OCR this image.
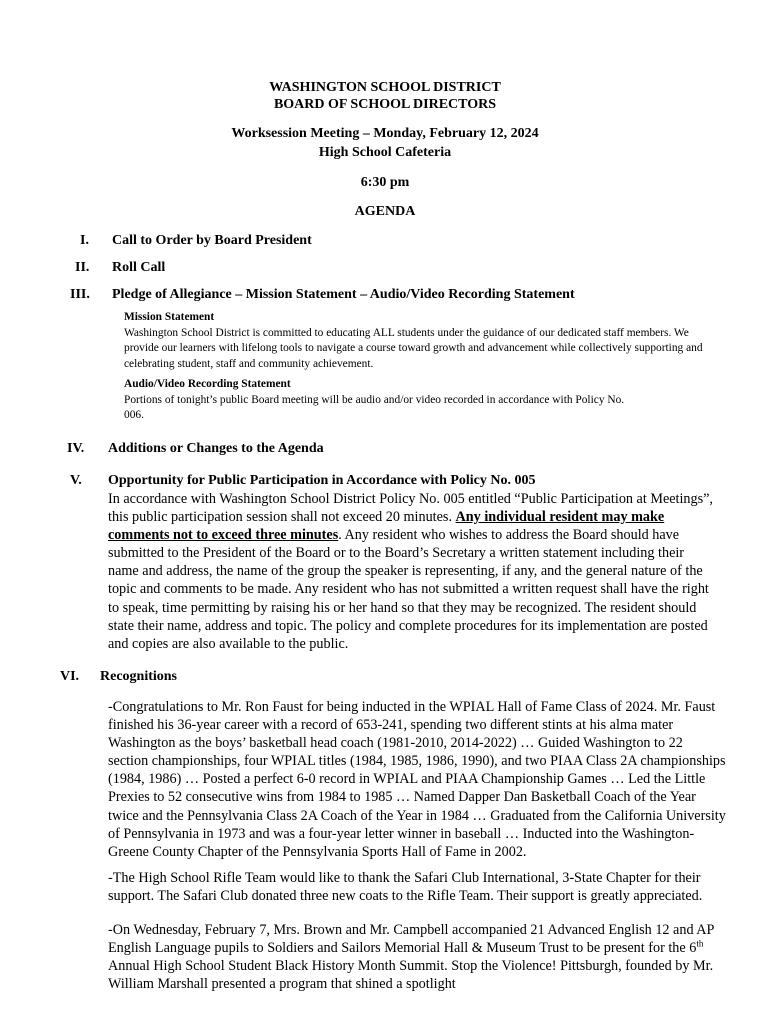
WASHINGTON SCHOOL DISTRICT
BOARD OF SCHOOL DIRECTORS
Worksession Meeting – Monday, February 12, 2024
High School Cafeteria
6:30 pm
AGENDA
I. Call to Order by Board President
II. Roll Call
III. Pledge of Allegiance – Mission Statement – Audio/Video Recording Statement
Mission Statement
Washington School District is committed to educating ALL students under the guidance of our dedicated staff members. We provide our learners with lifelong tools to navigate a course toward growth and advancement while collectively supporting and celebrating student, staff and community achievement.
Audio/Video Recording Statement
Portions of tonight’s public Board meeting will be audio and/or video recorded in accordance with Policy No. 006.
IV. Additions or Changes to the Agenda
V. Opportunity for Public Participation in Accordance with Policy No. 005
In accordance with Washington School District Policy No. 005 entitled “Public Participation at Meetings”, this public participation session shall not exceed 20 minutes. Any individual resident may make comments not to exceed three minutes. Any resident who wishes to address the Board should have submitted to the President of the Board or to the Board’s Secretary a written statement including their name and address, the name of the group the speaker is representing, if any, and the general nature of the topic and comments to be made. Any resident who has not submitted a written request shall have the right to speak, time permitting by raising his or her hand so that they may be recognized. The resident should state their name, address and topic. The policy and complete procedures for its implementation are posted and copies are also available to the public.
VI. Recognitions
-Congratulations to Mr. Ron Faust for being inducted in the WPIAL Hall of Fame Class of 2024. Mr. Faust finished his 36-year career with a record of 653-241, spending two different stints at his alma mater Washington as the boys’ basketball head coach (1981-2010, 2014-2022) … Guided Washington to 22 section championships, four WPIAL titles (1984, 1985, 1986, 1990), and two PIAA Class 2A championships (1984, 1986) … Posted a perfect 6-0 record in WPIAL and PIAA Championship Games … Led the Little Prexies to 52 consecutive wins from 1984 to 1985 … Named Dapper Dan Basketball Coach of the Year twice and the Pennsylvania Class 2A Coach of the Year in 1984 … Graduated from the California University of Pennsylvania in 1973 and was a four-year letter winner in baseball … Inducted into the Washington-Greene County Chapter of the Pennsylvania Sports Hall of Fame in 2002.
-The High School Rifle Team would like to thank the Safari Club International, 3-State Chapter for their support. The Safari Club donated three new coats to the Rifle Team. Their support is greatly appreciated.
-On Wednesday, February 7, Mrs. Brown and Mr. Campbell accompanied 21 Advanced English 12 and AP English Language pupils to Soldiers and Sailors Memorial Hall & Museum Trust to be present for the 6th Annual High School Student Black History Month Summit. Stop the Violence! Pittsburgh, founded by Mr. William Marshall presented a program that shined a spotlight
